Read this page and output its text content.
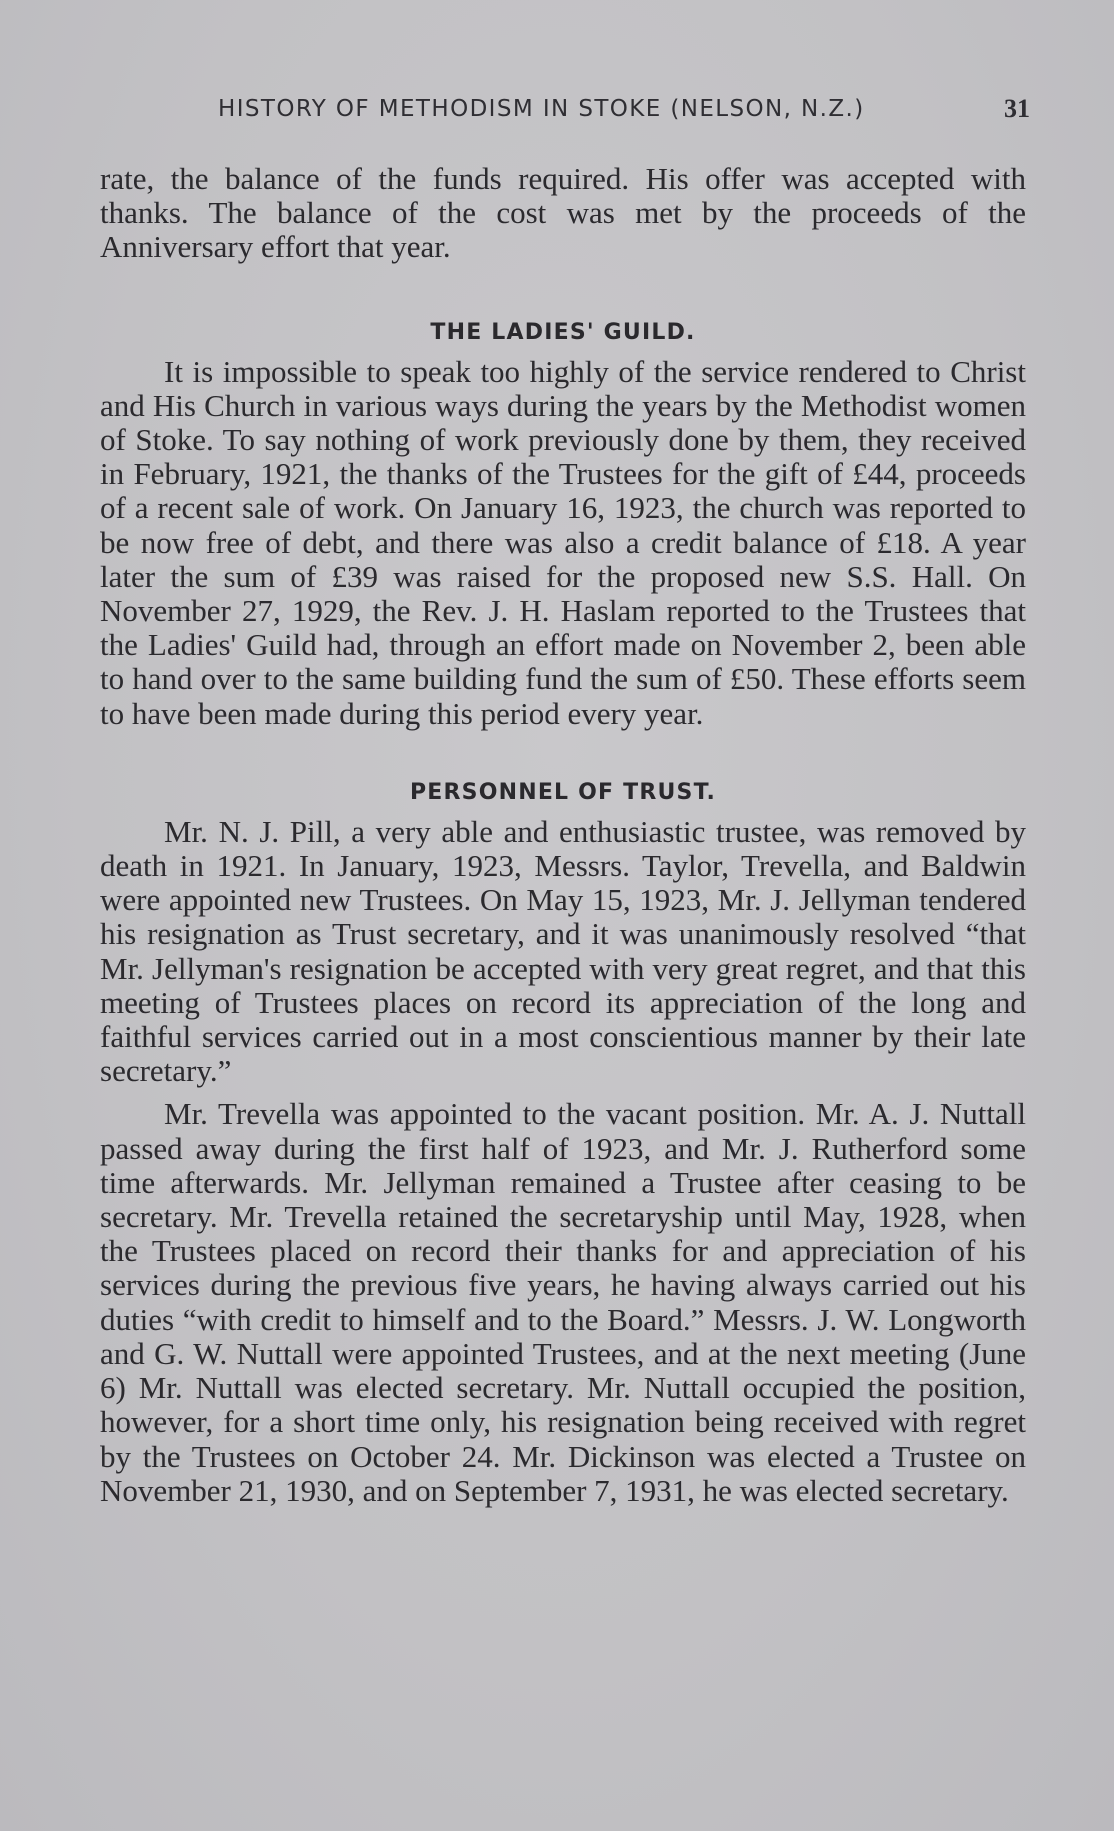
HISTORY OF METHODISM IN STOKE (NELSON, N.Z.)	31

rate, the balance of the funds required. His offer was accepted with thanks. The balance of the cost was met by the proceeds of the Anniversary effort that year.

THE LADIES' GUILD.

It is impossible to speak too highly of the service rendered to Christ and His Church in various ways during the years by the Methodist women of Stoke. To say nothing of work previously done by them, they received in February, 1921, the thanks of the Trustees for the gift of £44, proceeds of a recent sale of work. On January 16, 1923, the church was reported to be now free of debt, and there was also a credit balance of £18. A year later the sum of £39 was raised for the proposed new S.S. Hall. On November 27, 1929, the Rev. J. H. Haslam reported to the Trustees that the Ladies' Guild had, through an effort made on November 2, been able to hand over to the same building fund the sum of £50. These efforts seem to have been made during this period every year.

PERSONNEL OF TRUST.

Mr. N. J. Pill, a very able and enthusiastic trustee, was removed by death in 1921. In January, 1923, Messrs. Taylor, Trevella, and Baldwin were appointed new Trustees. On May 15, 1923, Mr. J. Jellyman tendered his resignation as Trust secretary, and it was unanimously resolved “that Mr. Jellyman's resignation be accepted with very great regret, and that this meeting of Trustees places on record its appreciation of the long and faithful services carried out in a most conscientious manner by their late secretary.”

Mr. Trevella was appointed to the vacant position. Mr. A. J. Nuttall passed away during the first half of 1923, and Mr. J. Rutherford some time afterwards. Mr. Jellyman remained a Trustee after ceasing to be secretary. Mr. Trevella retained the secretaryship until May, 1928, when the Trustees placed on record their thanks for and appreciation of his services during the previous five years, he having always carried out his duties “with credit to himself and to the Board.” Messrs. J. W. Longworth and G. W. Nuttall were appointed Trustees, and at the next meeting (June 6) Mr. Nuttall was elected secretary. Mr. Nuttall occupied the position, however, for a short time only, his resignation being received with regret by the Trustees on October 24. Mr. Dickinson was elected a Trustee on November 21, 1930, and on September 7, 1931, he was elected secretary.
